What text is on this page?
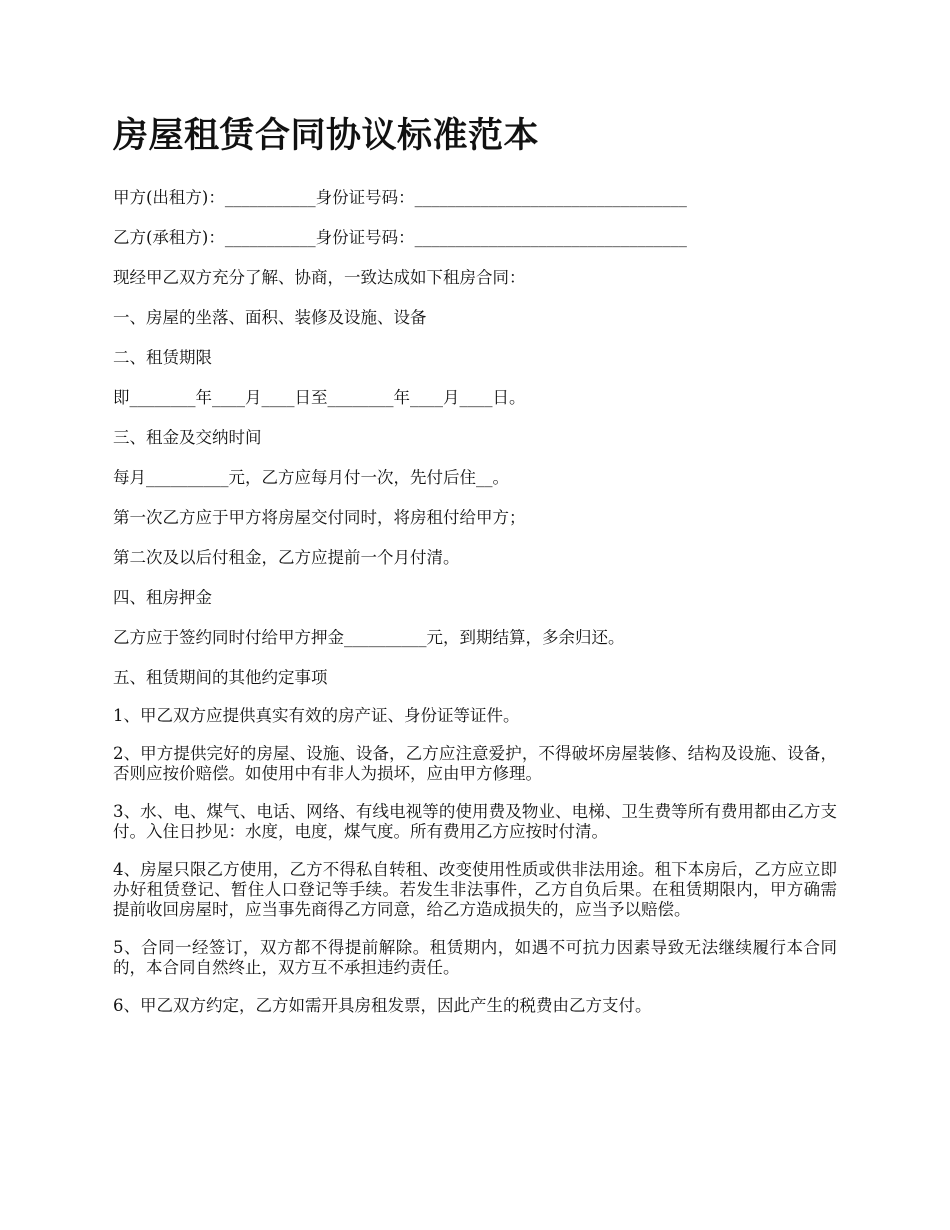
房屋租赁合同协议标准范本

甲方(出租方)：___________身份证号码：_________________________________

乙方(承租方)：___________身份证号码：_________________________________

现经甲乙双方充分了解、协商，一致达成如下租房合同：

一、房屋的坐落、面积、装修及设施、设备

二、租赁期限

即________年____月____日至________年____月____日。

三、租金及交纳时间

每月__________元，乙方应每月付一次，先付后住__。

第一次乙方应于甲方将房屋交付同时，将房租付给甲方；

第二次及以后付租金，乙方应提前一个月付清。

四、租房押金

乙方应于签约同时付给甲方押金__________元，到期结算，多余归还。

五、租赁期间的其他约定事项

1、甲乙双方应提供真实有效的房产证、身份证等证件。

2、甲方提供完好的房屋、设施、设备，乙方应注意爱护，不得破坏房屋装修、结构及设施、设备，否则应按价赔偿。如使用中有非人为损坏，应由甲方修理。

3、水、电、煤气、电话、网络、有线电视等的使用费及物业、电梯、卫生费等所有费用都由乙方支付。入住日抄见：水度，电度，煤气度。所有费用乙方应按时付清。

4、房屋只限乙方使用，乙方不得私自转租、改变使用性质或供非法用途。租下本房后，乙方应立即办好租赁登记、暂住人口登记等手续。若发生非法事件，乙方自负后果。在租赁期限内，甲方确需提前收回房屋时，应当事先商得乙方同意，给乙方造成损失的，应当予以赔偿。

5、合同一经签订，双方都不得提前解除。租赁期内，如遇不可抗力因素导致无法继续履行本合同的，本合同自然终止，双方互不承担违约责任。

6、甲乙双方约定，乙方如需开具房租发票，因此产生的税费由乙方支付。
